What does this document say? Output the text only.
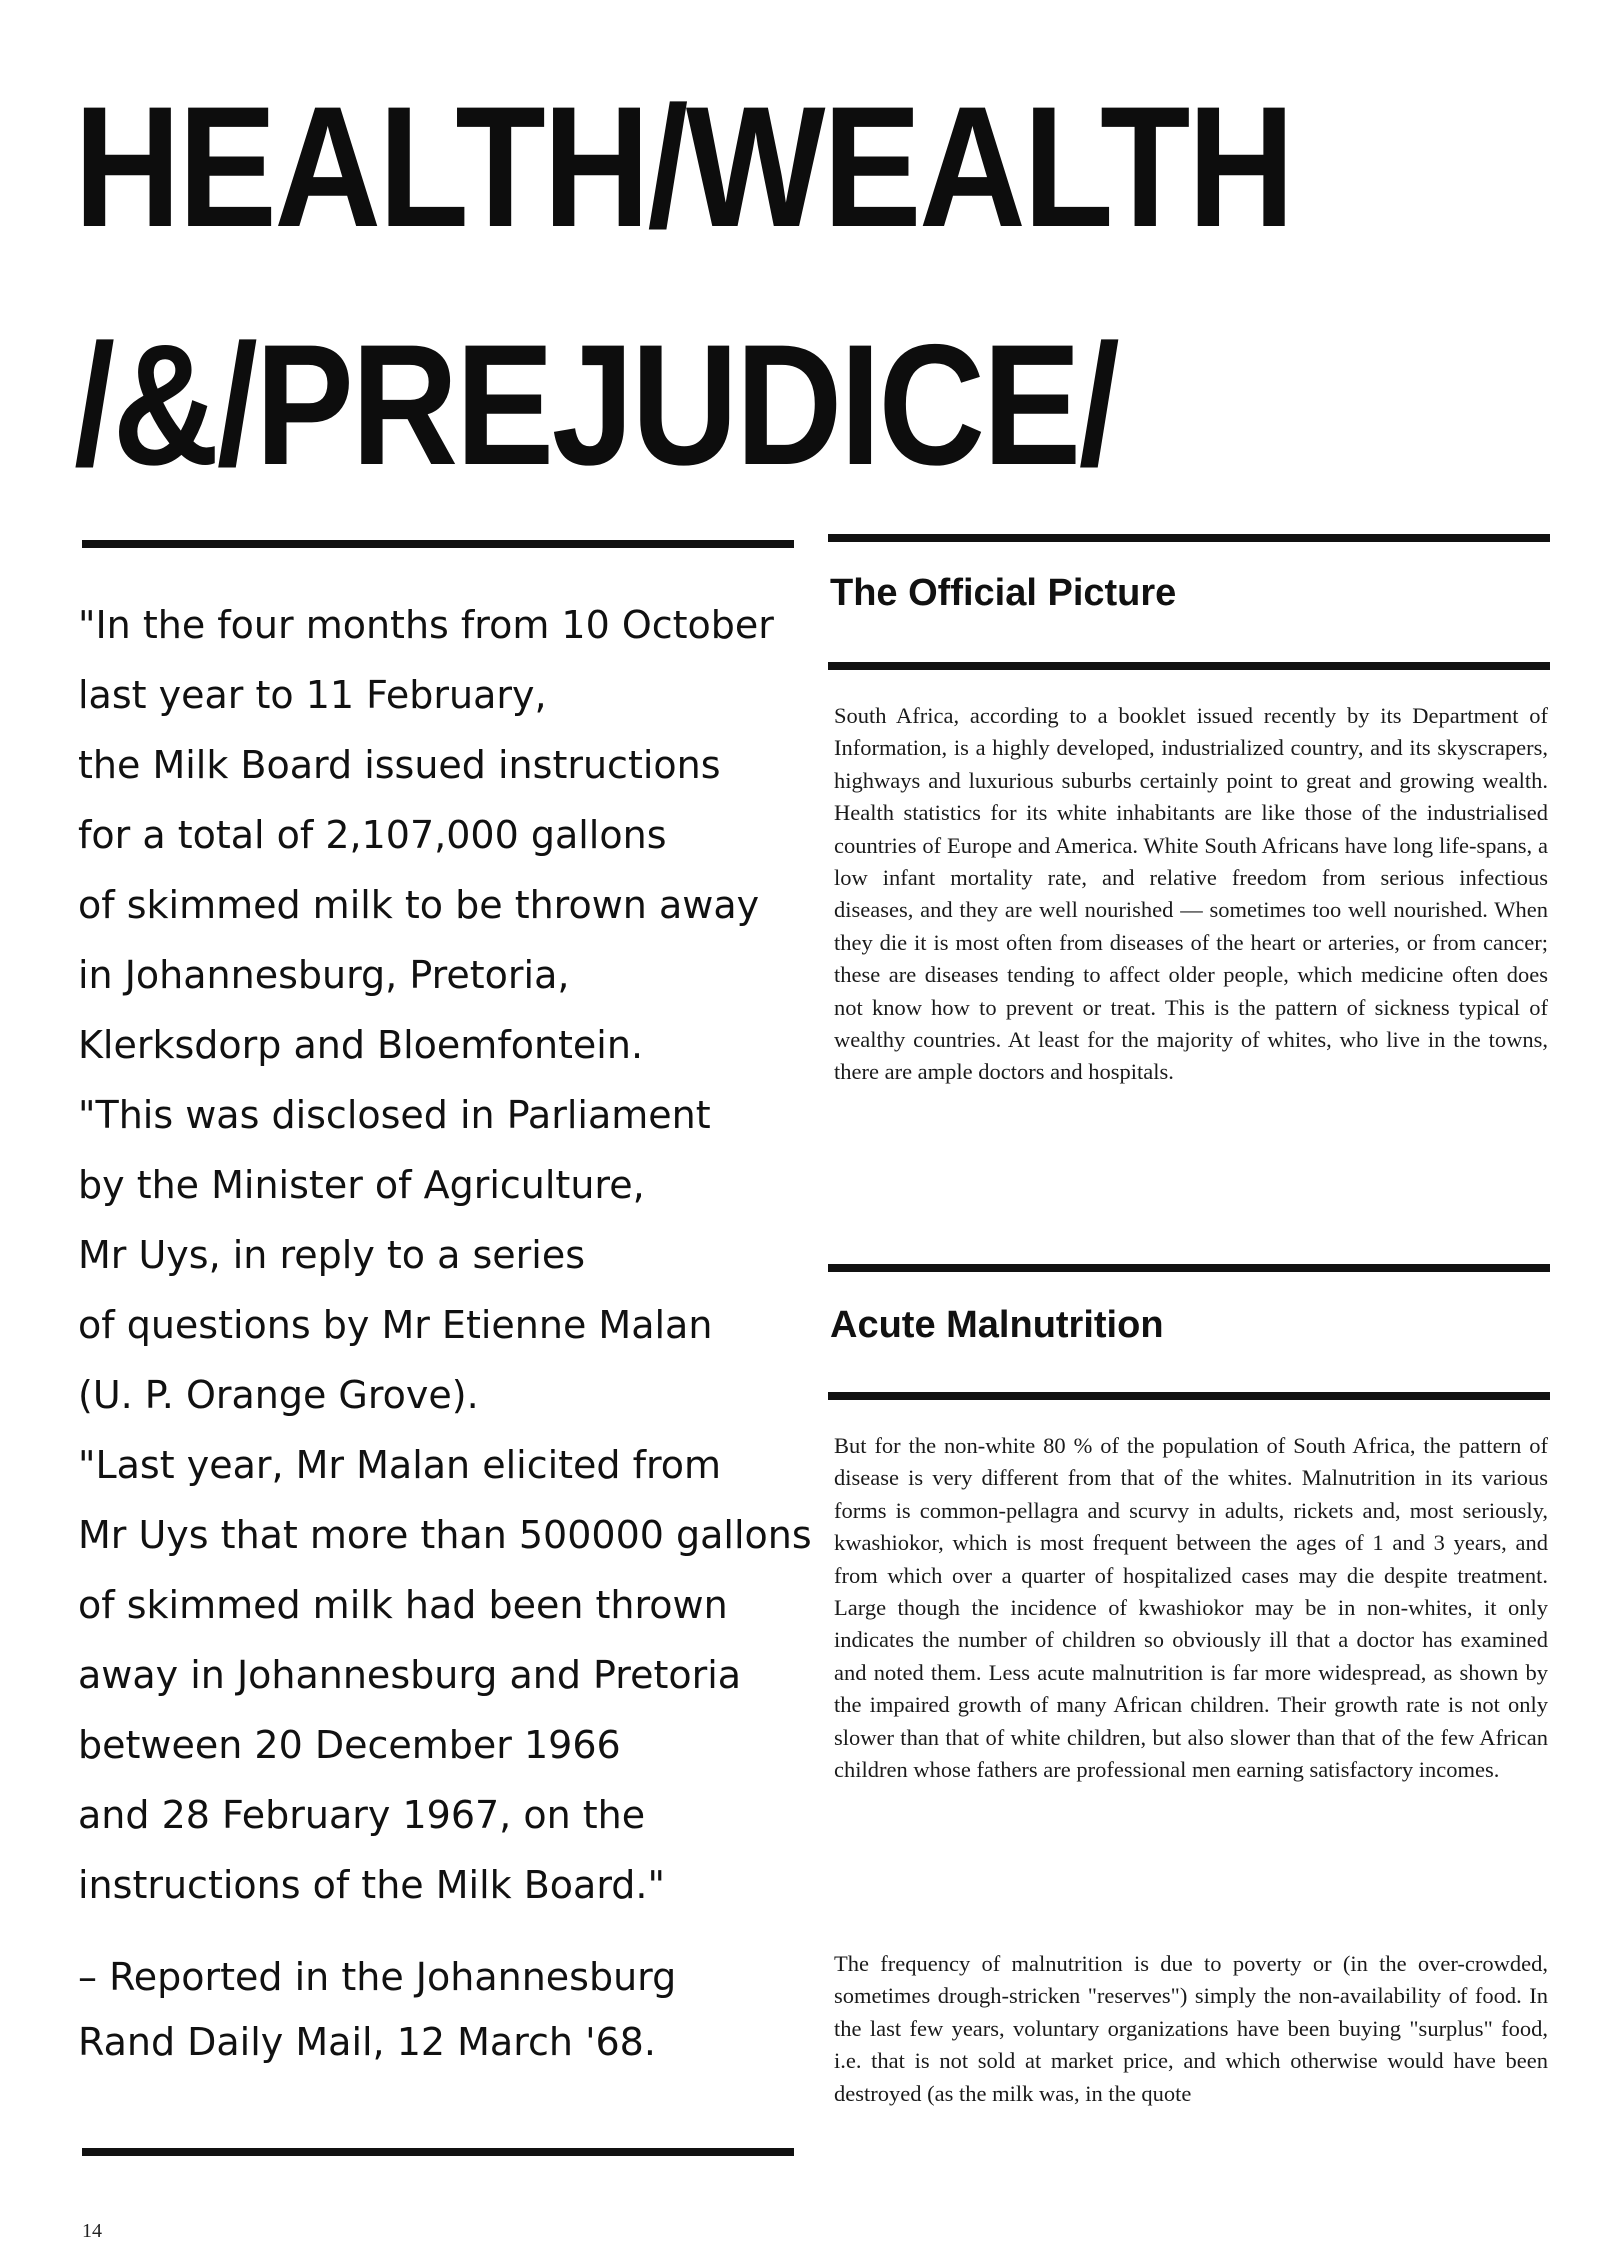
HEALTH/WEALTH
/&/PREJUDICE/
"In the four months from 10 October
last year to 11 February,
the Milk Board issued instructions
for a total of 2,107,000 gallons
of skimmed milk to be thrown away
in Johannesburg, Pretoria,
Klerksdorp and Bloemfontein.
"This was disclosed in Parliament
by the Minister of Agriculture,
Mr Uys, in reply to a series
of questions by Mr Etienne Malan
(U. P. Orange Grove).
"Last year, Mr Malan elicited from
Mr Uys that more than 500000 gallons
of skimmed milk had been thrown
away in Johannesburg and Pretoria
between 20 December 1966
and 28 February 1967, on the
instructions of the Milk Board."
– Reported in the Johannesburg
Rand Daily Mail, 12 March '68.
The Official Picture

South Africa, according to a booklet issued recently by its Department of Information, is a highly developed, industrialized country, and its skyscrapers, highways and luxurious suburbs certainly point to great and growing wealth. Health statistics for its white inhabitants are like those of the industrialised countries of Europe and America. White South Africans have long life-spans, a low infant mortality rate, and relative freedom from serious infectious diseases, and they are well nourished — sometimes too well nourished. When they die it is most often from diseases of the heart or arteries, or from cancer; these are diseases tending to affect older people, which medicine often does not know how to prevent or treat. This is the pattern of sickness typical of wealthy countries. At least for the majority of whites, who live in the towns, there are ample doctors and hospitals.

Acute Malnutrition

But for the non-white 80 % of the population of South Africa, the pattern of disease is very different from that of the whites. Malnutrition in its various forms is common-pellagra and scurvy in adults, rickets and, most seriously, kwashiokor, which is most frequent between the ages of 1 and 3 years, and from which over a quarter of hospitalized cases may die despite treatment. Large though the incidence of kwashiokor may be in non-whites, it only indicates the number of children so obviously ill that a doctor has examined and noted them. Less acute malnutrition is far more widespread, as shown by the impaired growth of many African children. Their growth rate is not only slower than that of white children, but also slower than that of the few African children whose fathers are professional men earning satisfactory incomes.

The frequency of malnutrition is due to poverty or (in the over-crowded, sometimes drough-stricken "reserves") simply the non-availability of food. In the last few years, voluntary organizations have been buying "surplus" food, i.e. that is not sold at market price, and which otherwise would have been destroyed (as the milk was, in the quote

14
